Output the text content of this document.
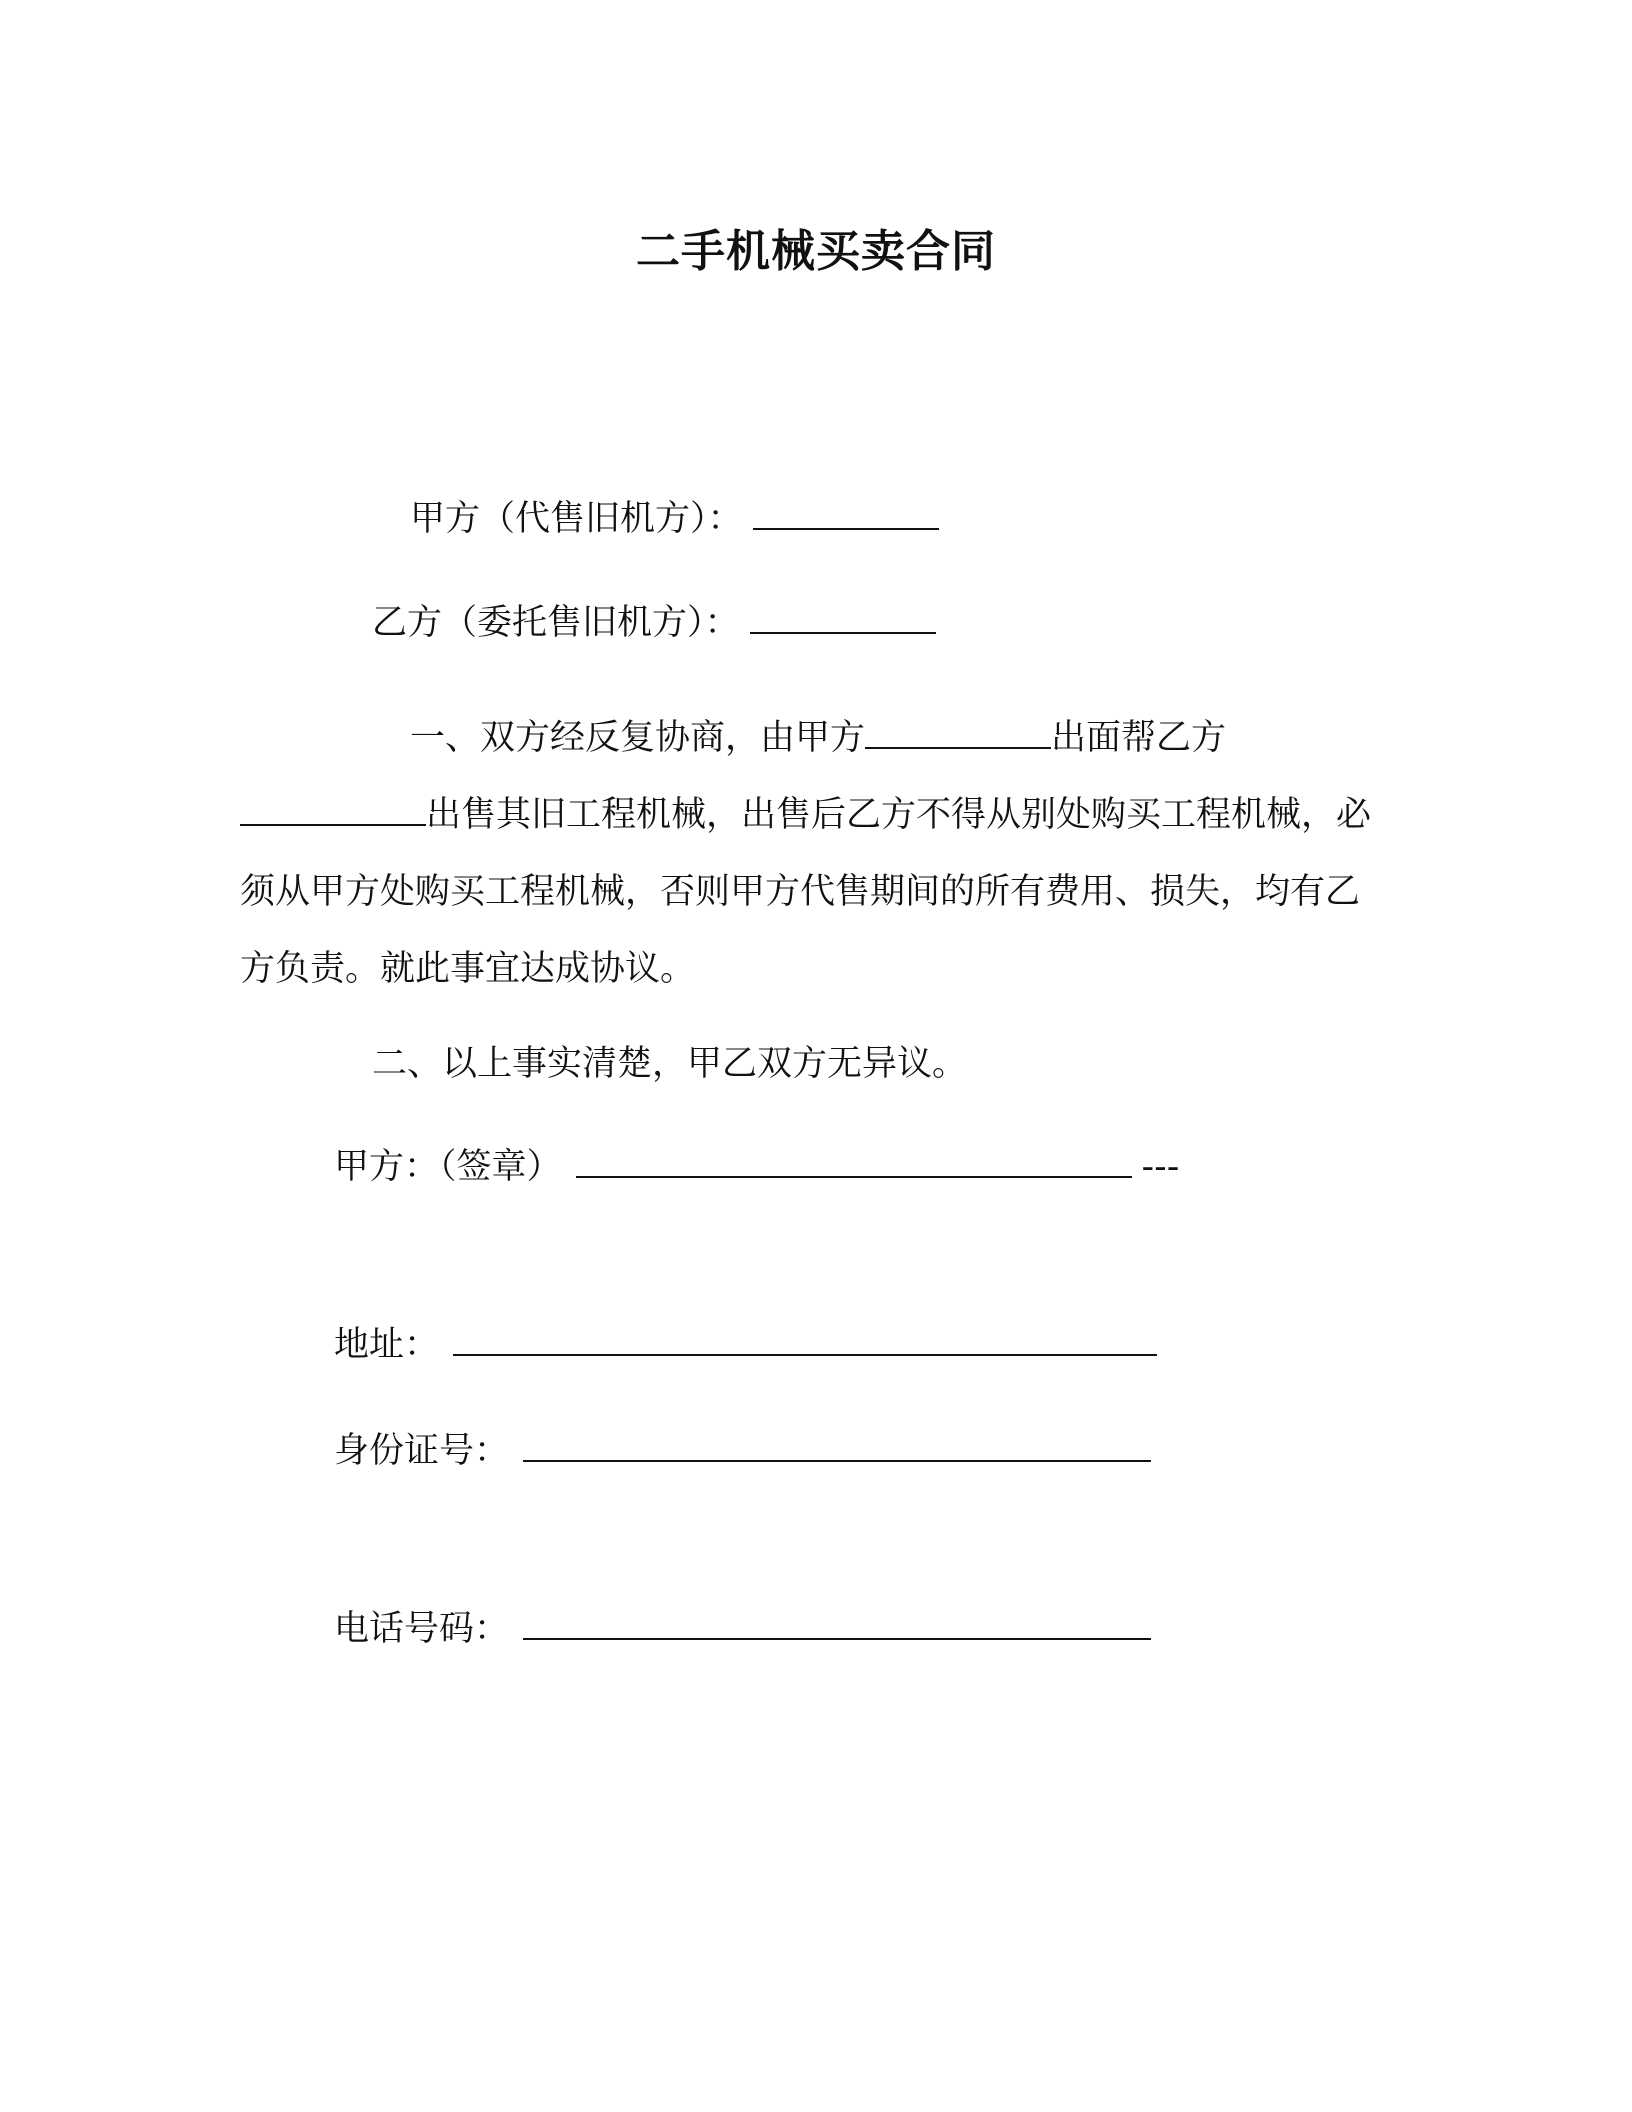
二手机械买卖合同
甲方（代售旧机方）：
乙方（委托售旧机方）：
一、双方经反复协商，由甲方	出面帮乙方出售其旧工程机械，出售后乙方不得从别处购买工程机械，必须从甲方处购买工程机械，否则甲方代售期间的所有费用、损失，均有乙方负责。就此事宜达成协议。
二、以上事实清楚，甲乙双方无异议。
甲方：（签章）	---
地址：
身份证号：
电话号码：
